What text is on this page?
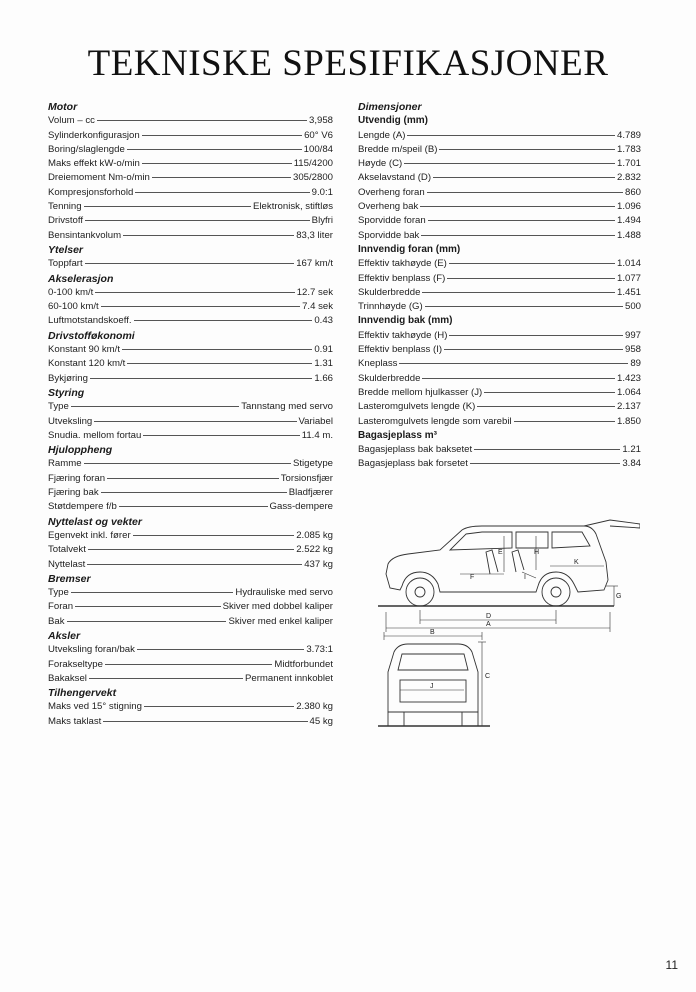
TEKNISKE SPESIFIKASJONER
Motor
Volum – cc	3,958
Sylinderkonfigurasjon	60° V6
Boring/slaglengde	100/84
Maks effekt kW-o/min	115/4200
Dreiemoment Nm-o/min	305/2800
Kompresjonsforhold	9.0:1
Tenning	Elektronisk, stiftløs
Drivstoff	Blyfri
Bensintankvolum	83,3 liter
Ytelser
Toppfart	167 km/t
Akselerasjon
0-100 km/t	12.7 sek
60-100 km/t	7.4 sek
Luftmotstandskoeff.	0.43
Drivstofføkonomi
Konstant 90 km/t	0.91
Konstant 120 km/t	1.31
Bykjøring	1.66
Styring
Type	Tannstang med servo
Utveksling	Variabel
Snudia. mellom fortau	11.4 m.
Hjuloppheng
Ramme	Stigetype
Fjæring foran	Torsionsfjær
Fjæring bak	Bladfjærer
Støtdempere f/b	Gass-dempere
Nyttelast og vekter
Egenvekt inkl. fører	2.085 kg
Totalvekt	2.522 kg
Nyttelast	437 kg
Bremser
Type	Hydrauliske med servo
Foran	Skiver med dobbel kaliper
Bak	Skiver med enkel kaliper
Aksler
Utveksling foran/bak	3.73:1
Forakseltype	Midtforbundet
Bakaksel	Permanent innkoblet
Tilhengervekt
Maks ved 15° stigning	2.380 kg
Maks taklast	45 kg
Dimensjoner
Utvendig (mm)
Lengde (A)	4.789
Bredde m/speil (B)	1.783
Høyde (C)	1.701
Akselavstand (D)	2.832
Overheng foran	860
Overheng bak	1.096
Sporvidde foran	1.494
Sporvidde bak	1.488
Innvendig foran (mm)
Effektiv takhøyde (E)	1.014
Effektiv benplass (F)	1.077
Skulderbredde	1.451
Trinnhøyde (G)	500
Innvendig bak (mm)
Effektiv takhøyde (H)	997
Effektiv benplass (I)	958
Kneplass	89
Skulderbredde	1.423
Bredde mellom hjulkasser (J)	1.064
Lasteromgulvets lengde (K)	2.137
Lasteromgulvets lengde som varebil	1.850
Bagasjeplass m³
Bagasjeplass bak baksetet	1.21
Bagasjeplass bak forsetet	3.84
E	H
F	I
K
G
D
A
B
C
J
11
